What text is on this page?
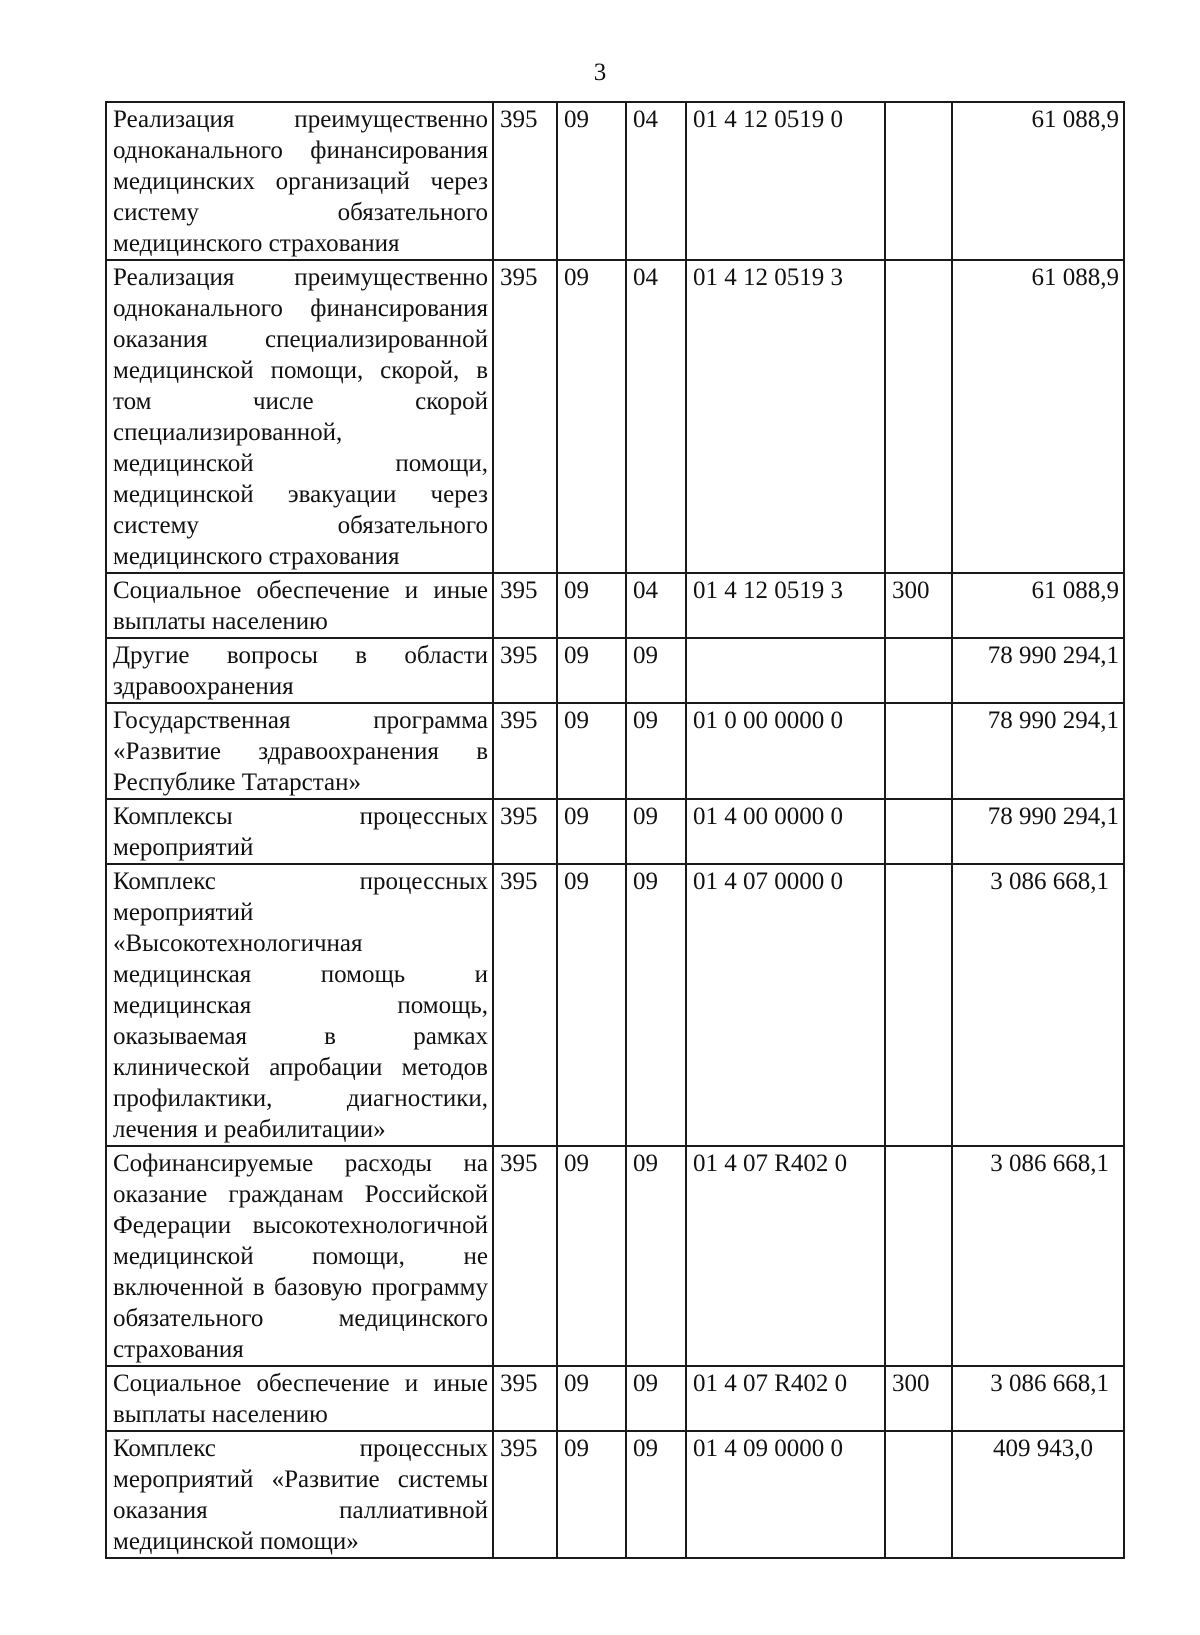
3
Реализация преимущественно одноканального финансирования медицинских организаций через систему обязательного медицинского страхования	395	09	04	01 4 12 0519 0		61 088,9
Реализация преимущественно одноканального финансирования оказания специализированной медицинской помощи, скорой, в том числе скорой специализированной, медицинской помощи, медицинской эвакуации через систему обязательного медицинского страхования	395	09	04	01 4 12 0519 3		61 088,9
Социальное обеспечение и иные выплаты населению	395	09	04	01 4 12 0519 3	300	61 088,9
Другие вопросы в области здравоохранения	395	09	09			78 990 294,1
Государственная программа «Развитие здравоохранения в Республике Татарстан»	395	09	09	01 0 00 0000 0		78 990 294,1
Комплексы процессных мероприятий	395	09	09	01 4 00 0000 0		78 990 294,1
Комплекс процессных мероприятий «Высокотехнологичная медицинская помощь и медицинская помощь, оказываемая в рамках клинической апробации методов профилактики, диагностики, лечения и реабилитации»	395	09	09	01 4 07 0000 0		3 086 668,1
Софинансируемые расходы на оказание гражданам Российской Федерации высокотехнологичной медицинской помощи, не включенной в базовую программу обязательного медицинского страхования	395	09	09	01 4 07 R402 0		3 086 668,1
Социальное обеспечение и иные выплаты населению	395	09	09	01 4 07 R402 0	300	3 086 668,1
Комплекс процессных мероприятий «Развитие системы оказания паллиативной медицинской помощи»	395	09	09	01 4 09 0000 0		409 943,0
